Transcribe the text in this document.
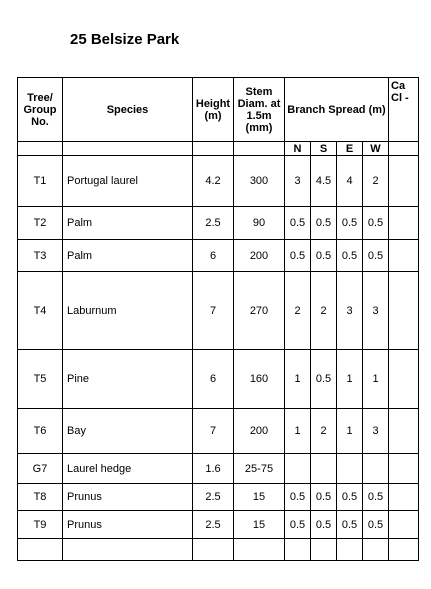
25 Belsize Park
Tree/ Group No.	Species	Height (m)	Stem Diam. at 1.5m (mm)	Branch Spread (m)				Ca Cl -
				N	S	E	W	
T1	Portugal laurel	4.2	300	3	4.5	4	2	
T2	Palm	2.5	90	0.5	0.5	0.5	0.5	
T3	Palm	6	200	0.5	0.5	0.5	0.5	
T4	Laburnum	7	270	2	2	3	3	
T5	Pine	6	160	1	0.5	1	1	
T6	Bay	7	200	1	2	1	3	
G7	Laurel hedge	1.6	25-75					
T8	Prunus	2.5	15	0.5	0.5	0.5	0.5	
T9	Prunus	2.5	15	0.5	0.5	0.5	0.5	
